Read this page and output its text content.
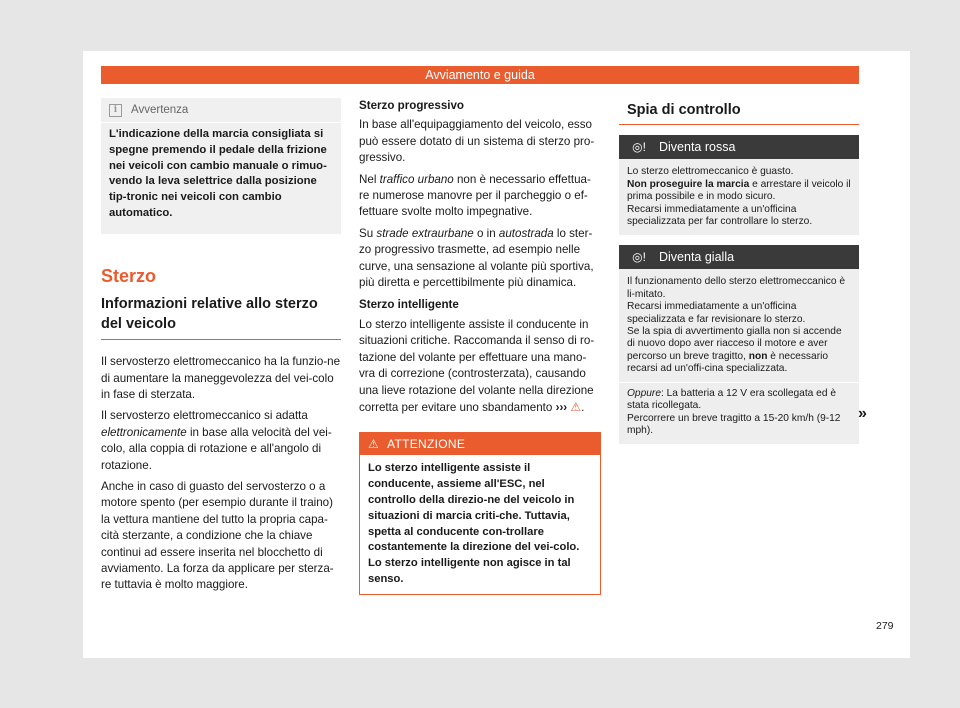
Avviamento e guida
i	Avvertenza
L'indicazione della marcia consigliata si spegne premendo il pedale della frizione nei veicoli con cambio manuale o rimuo-vendo la leva selettrice dalla posizione tip-tronic nei veicoli con cambio automatico.
Sterzo
Informazioni relative allo sterzo del veicolo

Il servosterzo elettromeccanico ha la funzio-ne di aumentare la maneggevolezza del vei-colo in fase di sterzata.

Il servosterzo elettromeccanico si adatta elettronicamente in base alla velocità del vei-colo, alla coppia di rotazione e all'angolo di rotazione.

Anche in caso di guasto del servosterzo o a motore spento (per esempio durante il traino) la vettura mantiene del tutto la propria capa-cità sterzante, a condizione che la chiave continui ad essere inserita nel blocchetto di avviamento. La forza da applicare per sterza-re tuttavia è molto maggiore.

Sterzo progressivo

In base all'equipaggiamento del veicolo, esso può essere dotato di un sistema di sterzo pro-gressivo.

Nel traffico urbano non è necessario effettua-re numerose manovre per il parcheggio o ef-fettuare svolte molto impegnative.

Su strade extraurbane o in autostrada lo ster-zo progressivo trasmette, ad esempio nelle curve, una sensazione al volante più sportiva, più diretta e percettibilmente più dinamica.

Sterzo intelligente

Lo sterzo intelligente assiste il conducente in situazioni critiche. Raccomanda il senso di ro-tazione del volante per effettuare una mano-vra di correzione (controsterzata), causando una lieve rotazione del volante nella direzione corretta per evitare uno sbandamento ››› ⚠.

⚠ ATTENZIONE
Lo sterzo intelligente assiste il conducente, assieme all'ESC, nel controllo della direzio-ne del veicolo in situazioni di marcia criti-che. Tuttavia, spetta al conducente con-trollare costantemente la direzione del vei-colo. Lo sterzo intelligente non agisce in tal senso.
Spia di controllo
◎!	Diventa rossa
Lo sterzo elettromeccanico è guasto.
Non proseguire la marcia e arrestare il veicolo il prima possibile e in modo sicuro.
Recarsi immediatamente a un'officina specializzata per far controllare lo sterzo.
◎!	Diventa gialla
Il funzionamento dello sterzo elettromeccanico è li-mitato.
Recarsi immediatamente a un'officina specializzata e far revisionare lo sterzo.
Se la spia di avvertimento gialla non si accende di nuovo dopo aver riacceso il motore e aver percorso un breve tragitto, non è necessario recarsi ad un'offi-cina specializzata.
Oppure: La batteria a 12 V era scollegata ed è stata ricollegata.
Percorrere un breve tragitto a 15-20 km/h (9-12 mph).
»
279
